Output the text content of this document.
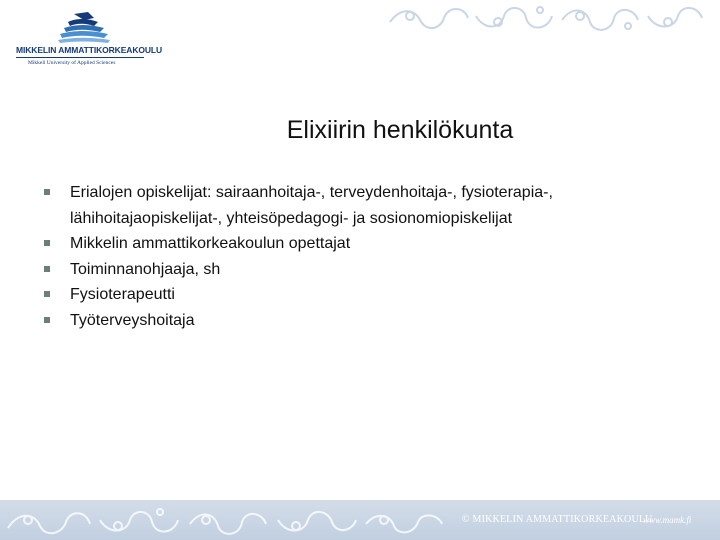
MIKKELIN AMMATTIKORKEAKOULU
Mikkeli University of Applied Sciences
Elixiirin henkilökunta
Erialojen opiskelijat: sairaanhoitaja-, terveydenhoitaja-, fysioterapia-, lähihoitajaopiskelijat-, yhteisöpedagogi- ja sosionomiopiskelijat
Mikkelin ammattikorkeakoulun opettajat
Toiminnanohjaaja, sh
Fysioterapeutti
Työterveyshoitaja
© MIKKELIN AMMATTIKORKEAKOULU
www.mamk.fi
